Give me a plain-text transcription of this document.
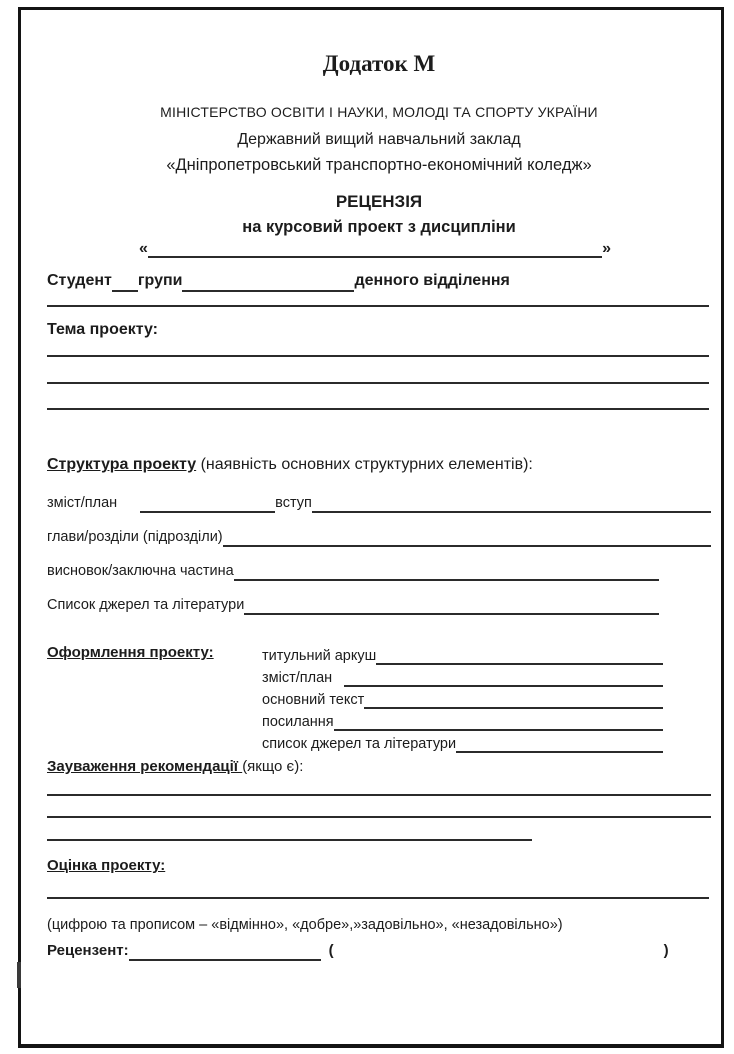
Додаток М
МІНІСТЕРСТВО ОСВІТИ І НАУКИ, МОЛОДІ ТА СПОРТУ УКРАЇНИ
Державний вищий навчальний заклад
«Дніпропетровський транспортно-економічний коледж»
РЕЦЕНЗІЯ
на курсовий проект з дисципліни
«	»
Студент групи	денного відділення
Тема проекту:
Структура проекту (наявність основних структурних елементів):
зміст/план	вступ
глави/розділи (підрозділи)
висновок/заключна частина
Список джерел та літератури
Оформлення проекту:	титульний аркуш
зміст/план
основний текст
посилання
список джерел та літератури
Зауваження рекомендації (якщо є):
Оцінка проекту:
(цифрою та прописом – «відмінно», «добре»,»задовільно», «незадовільно»)
Рецензент:	(	)
